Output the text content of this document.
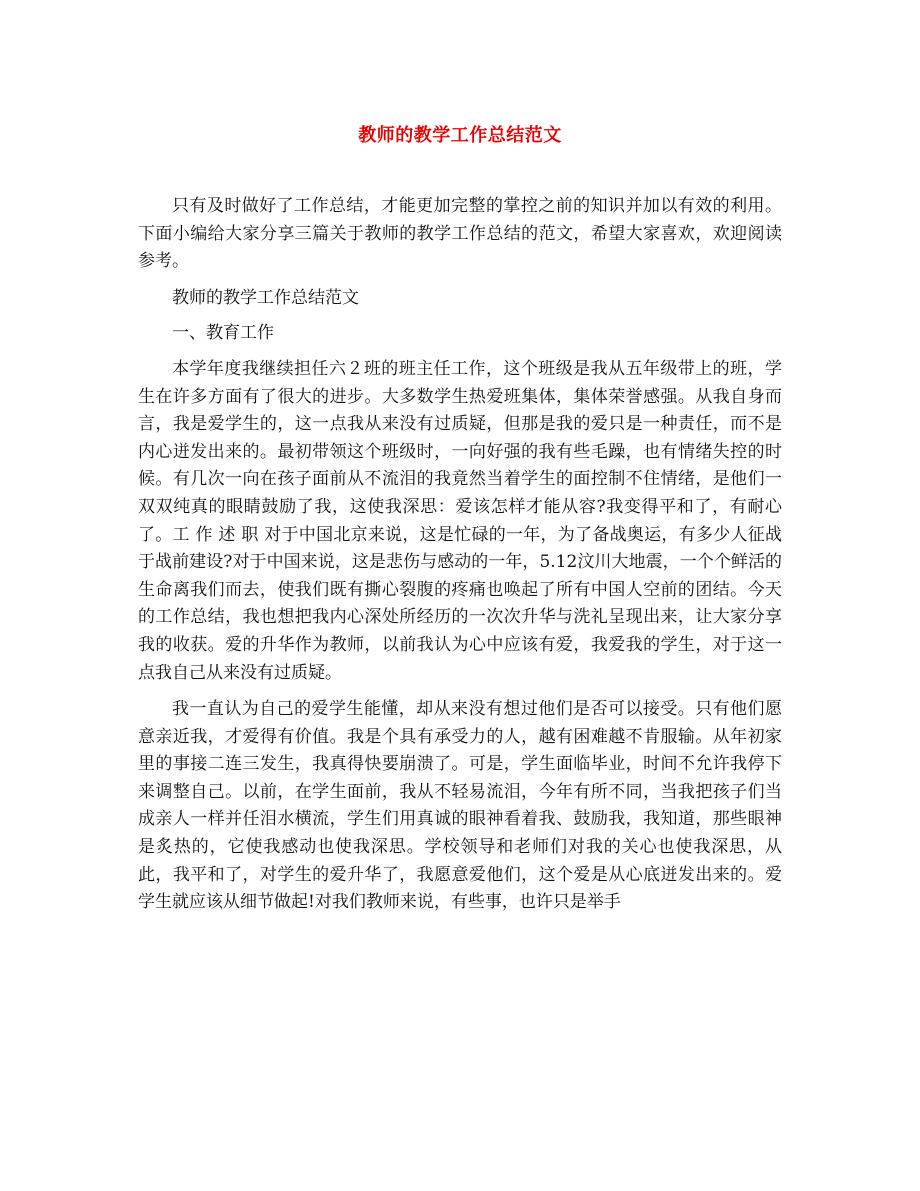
教师的教学工作总结范文

只有及时做好了工作总结，才能更加完整的掌控之前的知识并加以有效的利用。下面小编给大家分享三篇关于教师的教学工作总结的范文，希望大家喜欢，欢迎阅读参考。

教师的教学工作总结范文

一、教育工作

本学年度我继续担任六２班的班主任工作，这个班级是我从五年级带上的班，学生在许多方面有了很大的进步。大多数学生热爱班集体，集体荣誉感强。从我自身而言，我是爱学生的，这一点我从来没有过质疑，但那是我的爱只是一种责任，而不是内心迸发出来的。最初带领这个班级时，一向好强的我有些毛躁，也有情绪失控的时候。有几次一向在孩子面前从不流泪的我竟然当着学生的面控制不住情绪，是他们一双双纯真的眼睛鼓励了我，这使我深思：爱该怎样才能从容?我变得平和了，有耐心了。工 作 述 职 对于中国北京来说，这是忙碌的一年，为了备战奥运，有多少人征战于战前建设?对于中国来说，这是悲伤与感动的一年，5.12汶川大地震，一个个鲜活的生命离我们而去，使我们既有撕心裂腹的疼痛也唤起了所有中国人空前的团结。今天的工作总结，我也想把我内心深处所经历的一次次升华与洗礼呈现出来，让大家分享我的收获。爱的升华作为教师，以前我认为心中应该有爱，我爱我的学生，对于这一点我自己从来没有过质疑。

我一直认为自己的爱学生能懂，却从来没有想过他们是否可以接受。只有他们愿意亲近我，才爱得有价值。我是个具有承受力的人，越有困难越不肯服输。从年初家里的事接二连三发生，我真得快要崩溃了。可是，学生面临毕业，时间不允许我停下来调整自己。以前，在学生面前，我从不轻易流泪，今年有所不同，当我把孩子们当成亲人一样并任泪水横流，学生们用真诚的眼神看着我、鼓励我，我知道，那些眼神是炙热的，它使我感动也使我深思。学校领导和老师们对我的关心也使我深思，从此，我平和了，对学生的爱升华了，我愿意爱他们，这个爱是从心底迸发出来的。爱学生就应该从细节做起!对我们教师来说，有些事，也许只是举手
